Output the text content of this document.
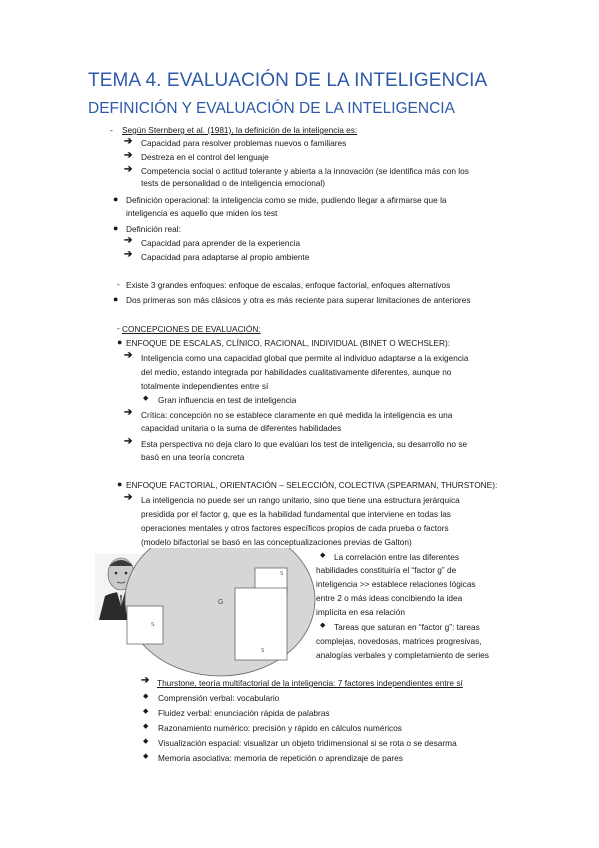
TEMA 4. EVALUACIÓN DE LA INTELIGENCIA
DEFINICIÓN Y EVALUACIÓN DE LA INTELIGENCIA
- Según Sternberg et al. (1981), la definición de la inteligencia es:
➔ Capacidad para resolver problemas nuevos o familiares
➔ Destreza en el control del lenguaje
➔ Competencia social o actitud tolerante y abierta a la innovación (se identifica más con los
tests de personalidad o de inteligencia emocional)
● Definición operacional: la inteligencia como se mide, pudiendo llegar a afirmarse que la
inteligencia es aquello que miden los test
● Definición real:
➔ Capacidad para aprender de la experiencia
➔ Capacidad para adaptarse al propio ambiente
- Existe 3 grandes enfoques: enfoque de escalas, enfoque factorial, enfoques alternativos
● Dos primeras son más clásicos y otra es más reciente para superar limitaciones de anteriores
- CONCEPCIONES DE EVALUACIÓN:
● ENFOQUE DE ESCALAS, CLÍNICO, RACIONAL, INDIVIDUAL (BINET O WECHSLER):
➔ Inteligencia como una capacidad global que permite al individuo adaptarse a la exigencia
del medio, estando integrada por habilidades cualitativamente diferentes, aunque no
totalmente independientes entre sí
◆ Gran influencia en test de inteligencia
➔ Crítica: concepción no se establece claramente en qué medida la inteligencia es una
capacidad unitaria o la suma de diferentes habilidades
➔ Esta perspectiva no deja claro lo que evalúan los test de inteligencia, su desarrollo no se
basó en una teoría concreta
● ENFOQUE FACTORIAL, ORIENTACIÓN – SELECCIÓN, COLECTIVA (SPEARMAN, THURSTONE):
➔ La inteligencia no puede ser un rango unitario, sino que tiene una estructura jerárquica
presidida por el factor g, que es la habilidad fundamental que interviene en todas las
operaciones mentales y otros factores específicos propios de cada prueba o factors
(modelo bifactorial se basó en las conceptualizaciones previas de Galton)
G
S
S
S
◆ La correlación entre las diferentes
habilidades constituiría el “factor g” de
inteligencia >> establece relaciones lógicas
entre 2 o más ideas concibiendo la idea
implícita en esa relación
◆ Tareas que saturan en “factor g”: tareas
complejas, novedosas, matrices progresivas,
analogías verbales y completamiento de series
➔ Thurstone, teoría multifactorial de la inteligencia: 7 factores independientes entre sí
◆ Comprensión verbal: vocabulario
◆ Fluidez verbal: enunciación rápida de palabras
◆ Razonamiento numérico: precisión y rápido en cálculos numéricos
◆ Visualización espacial: visualizar un objeto tridimensional si se rota o se desarma
◆ Memoria asociativa: memoria de repetición o aprendizaje de pares
